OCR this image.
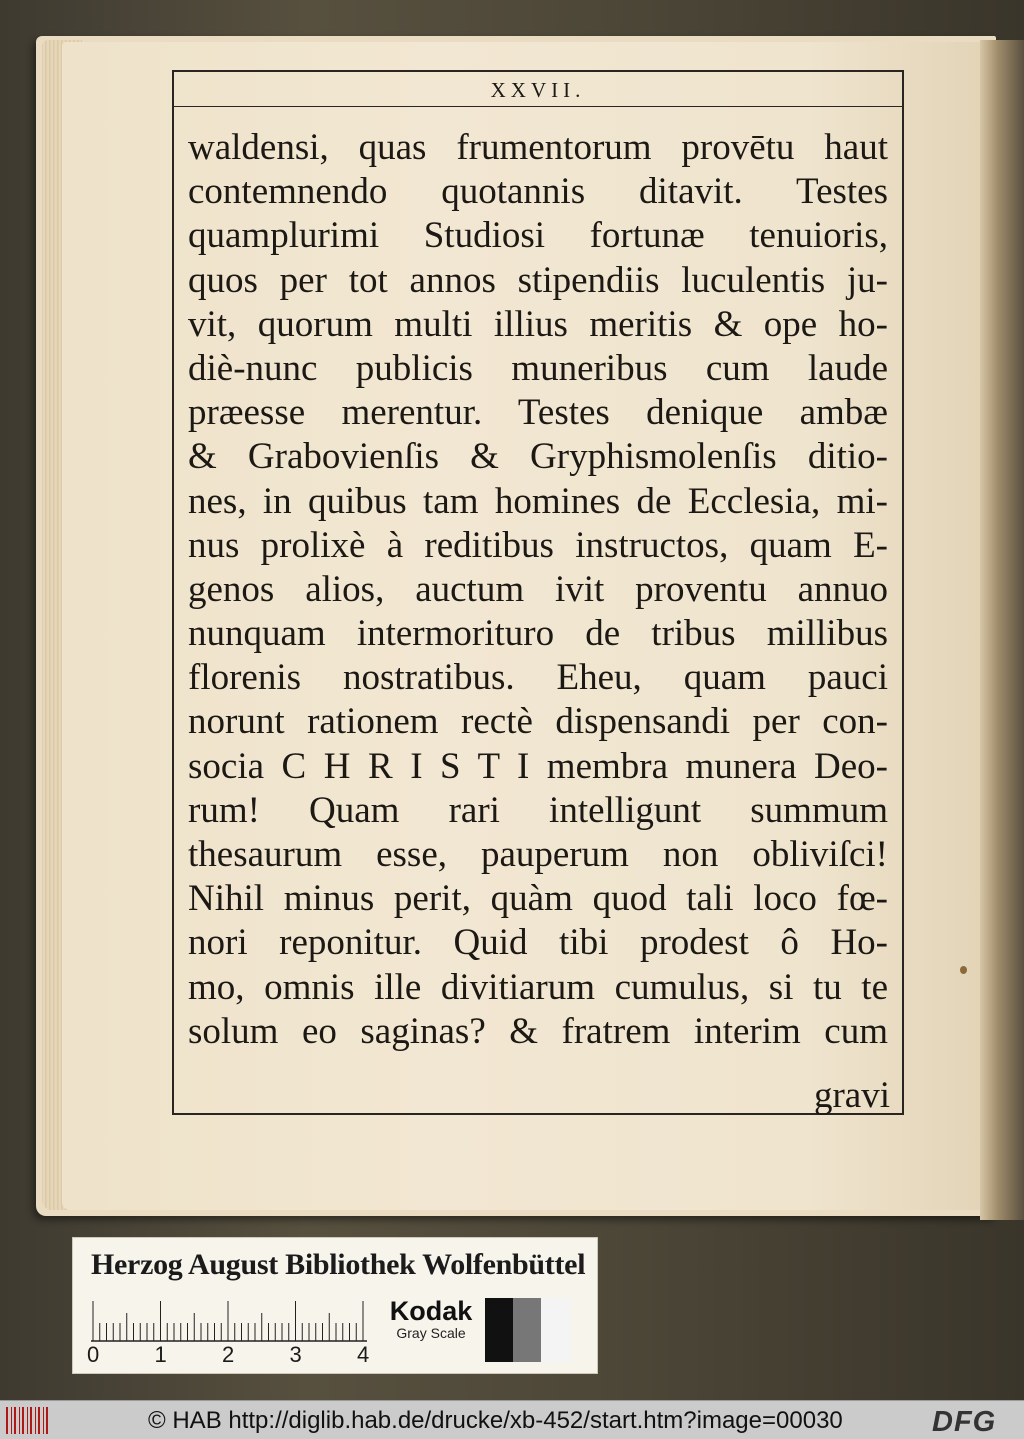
XXVII.
waldensi, quas frumentorum provētu haut
contemnendo quotannis ditavit. Testes
quamplurimi Studiosi fortunæ tenuioris,
quos per tot annos stipendiis luculentis ju-
vit, quorum multi illius meritis & ope ho-
diè-nunc publicis muneribus cum laude
præesse merentur. Testes denique ambæ
& Grabovienſis & Gryphismolenſis ditio-
nes, in quibus tam homines de Ecclesia, mi-
nus prolixè à reditibus instructos, quam E-
genos alios, auctum ivit proventu annuo
nunquam intermorituro de tribus millibus
florenis nostratibus. Eheu, quam pauci
norunt rationem rectè dispensandi per con-
socia C H R I S T I membra munera Deo-
rum! Quam rari intelligunt summum
thesaurum esse, pauperum non obliviſci!
Nihil minus perit, quàm quod tali loco fœ-
nori reponitur. Quid tibi prodest ô Ho-
mo, omnis ille divitiarum cumulus, si tu te
solum eo saginas? & fratrem interim cum
gravi
Herzog August Bibliothek Wolfenbüttel
0	1	2	3	4
Kodak
Gray Scale
© HAB http://diglib.hab.de/drucke/xb-452/start.htm?image=00030	DFG
